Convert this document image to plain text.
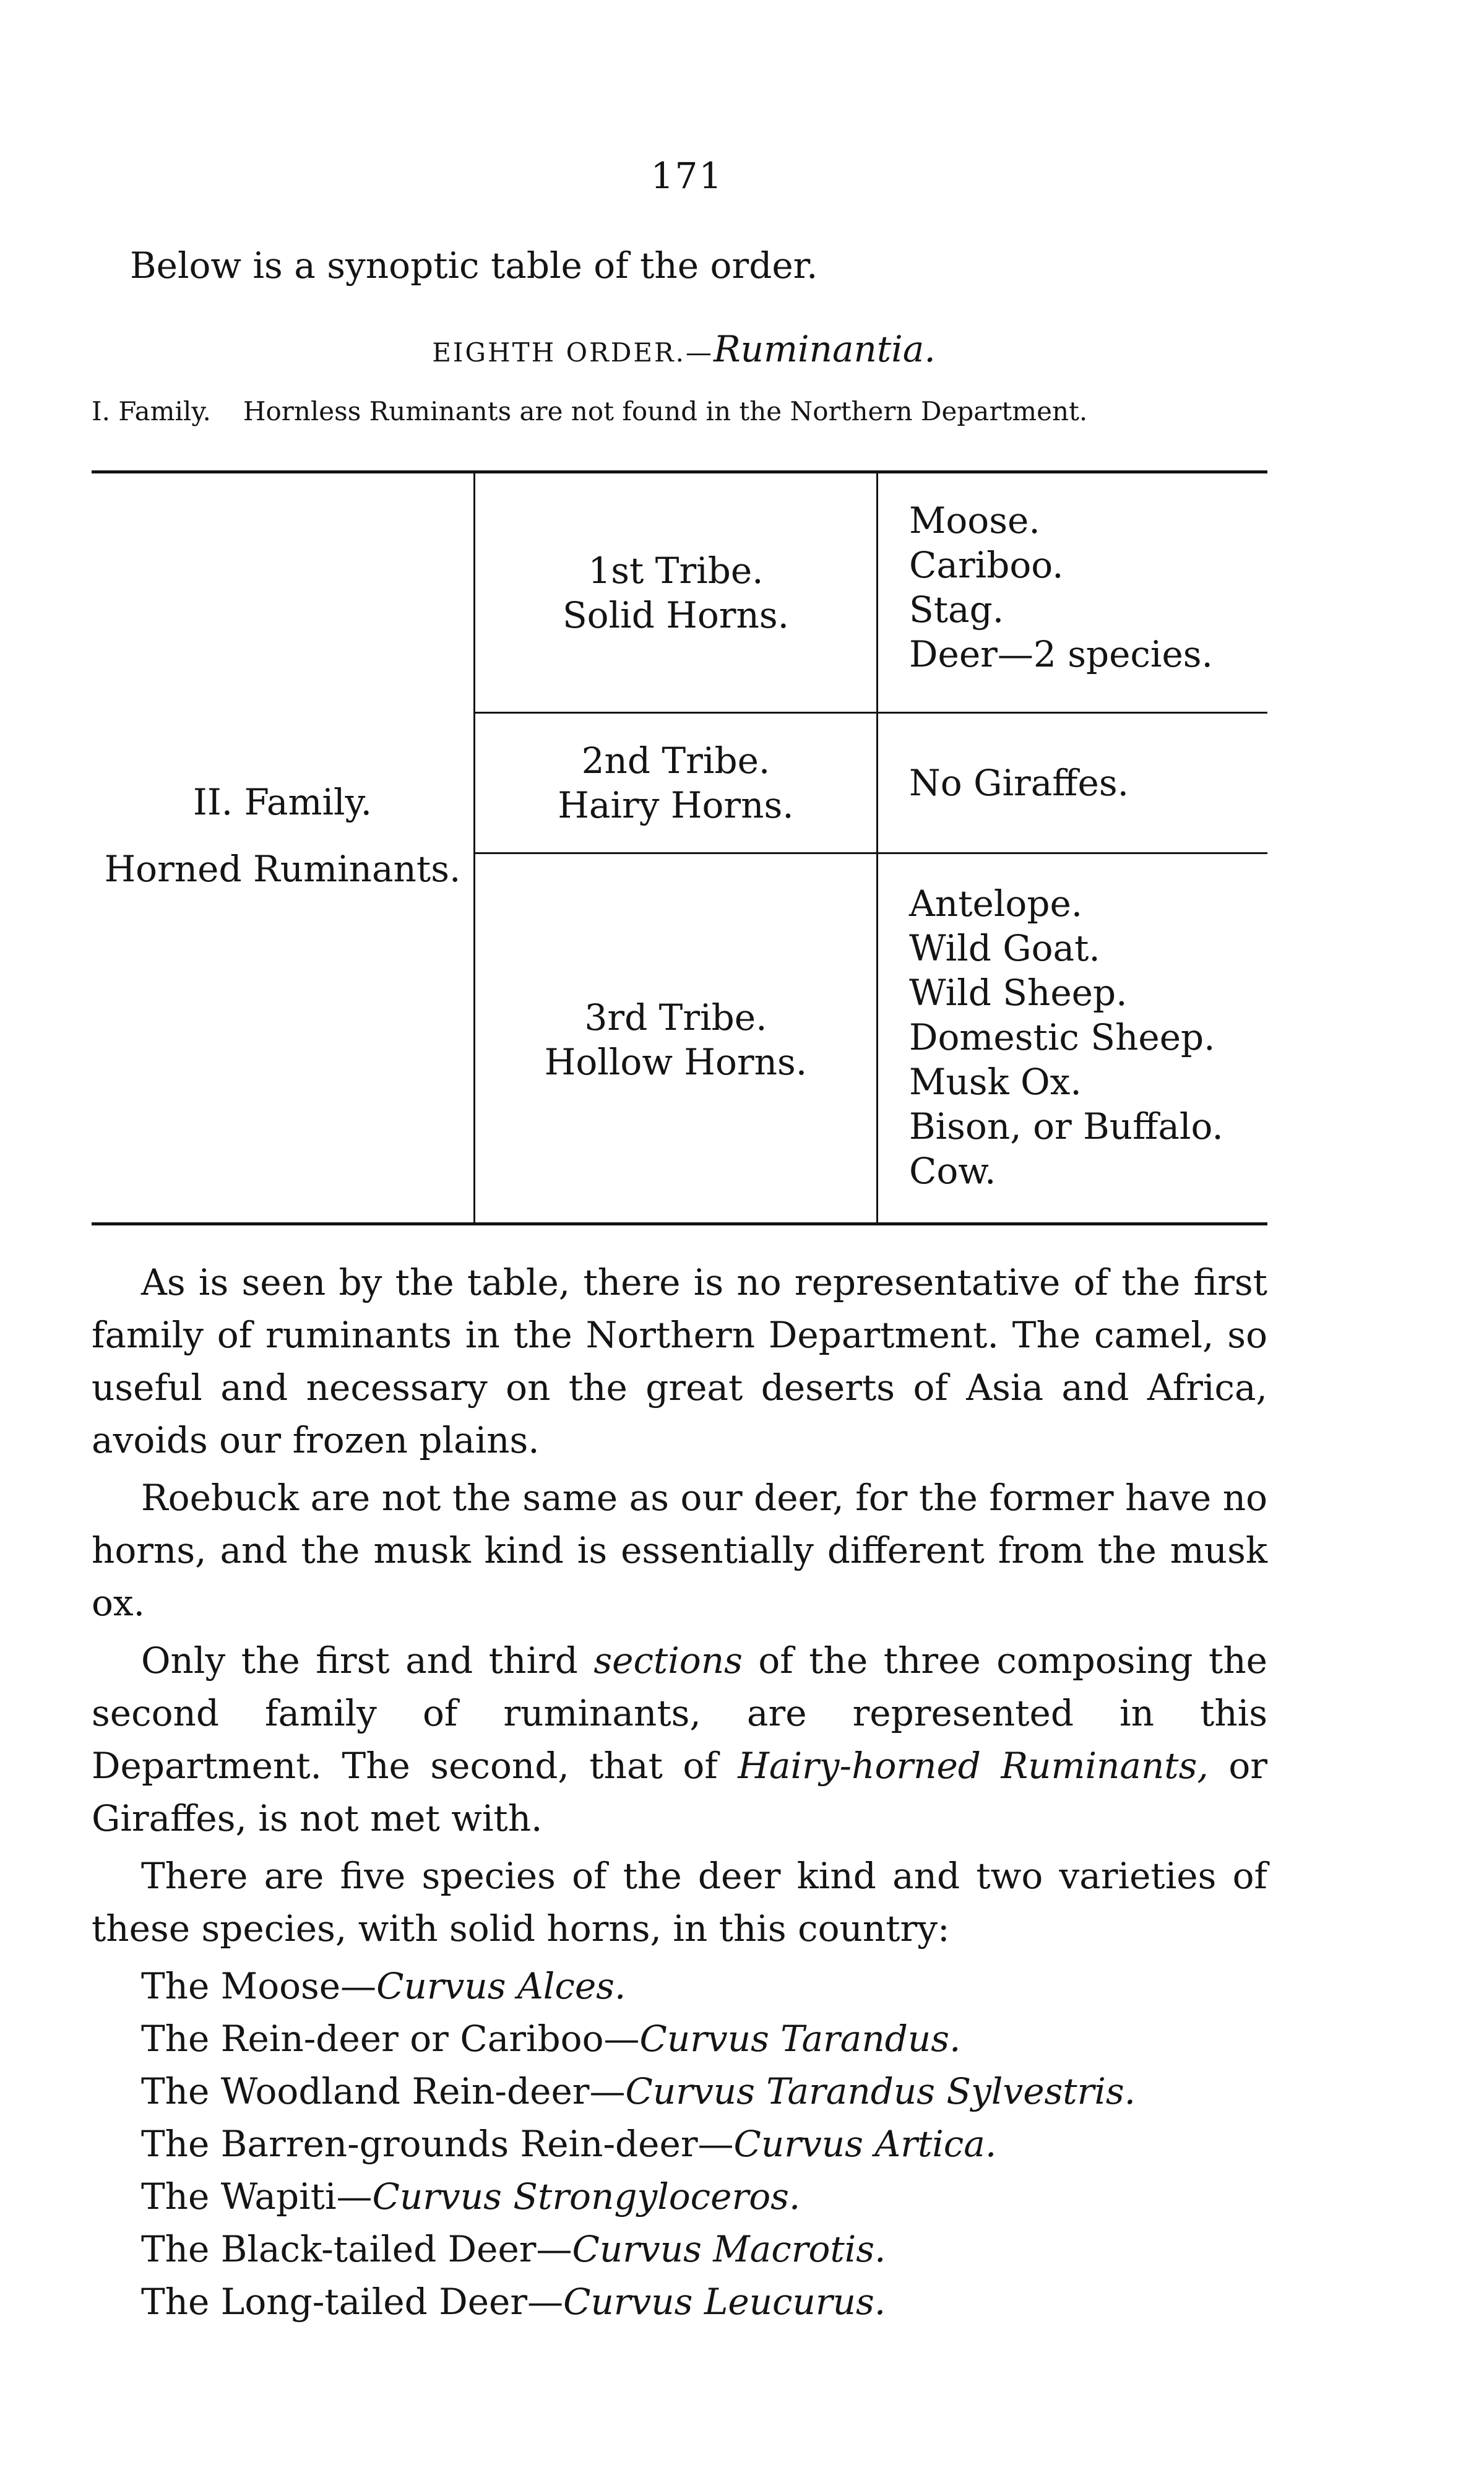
171
Below is a synoptic table of the order.
EIGHTH ORDER.—Ruminantia.
I. Family. Hornless Ruminants are not found in the Northern Department.
II. Family.
Horned Ruminants.
1st Tribe.
Solid Horns.
Moose.
Cariboo.
Stag.
Deer—2 species.
2nd Tribe.
Hairy Horns.
No Giraffes.
3rd Tribe.
Hollow Horns.
Antelope.
Wild Goat.
Wild Sheep.
Domestic Sheep.
Musk Ox.
Bison, or Buffalo.
Cow.

As is seen by the table, there is no representative of the first family of ruminants in the Northern Department. The camel, so useful and necessary on the great deserts of Asia and Africa, avoids our frozen plains.

Roebuck are not the same as our deer, for the former have no horns, and the musk kind is essentially different from the musk ox.

Only the first and third sections of the three composing the second family of ruminants, are represented in this Department. The second, that of Hairy-horned Ruminants, or Giraffes, is not met with.

There are five species of the deer kind and two varieties of these species, with solid horns, in this country:

The Moose—Curvus Alces.
The Rein-deer or Cariboo—Curvus Tarandus.
The Woodland Rein-deer—Curvus Tarandus Sylvestris.
The Barren-grounds Rein-deer—Curvus Artica.
The Wapiti—Curvus Strongyloceros.
The Black-tailed Deer—Curvus Macrotis.
The Long-tailed Deer—Curvus Leucurus.
